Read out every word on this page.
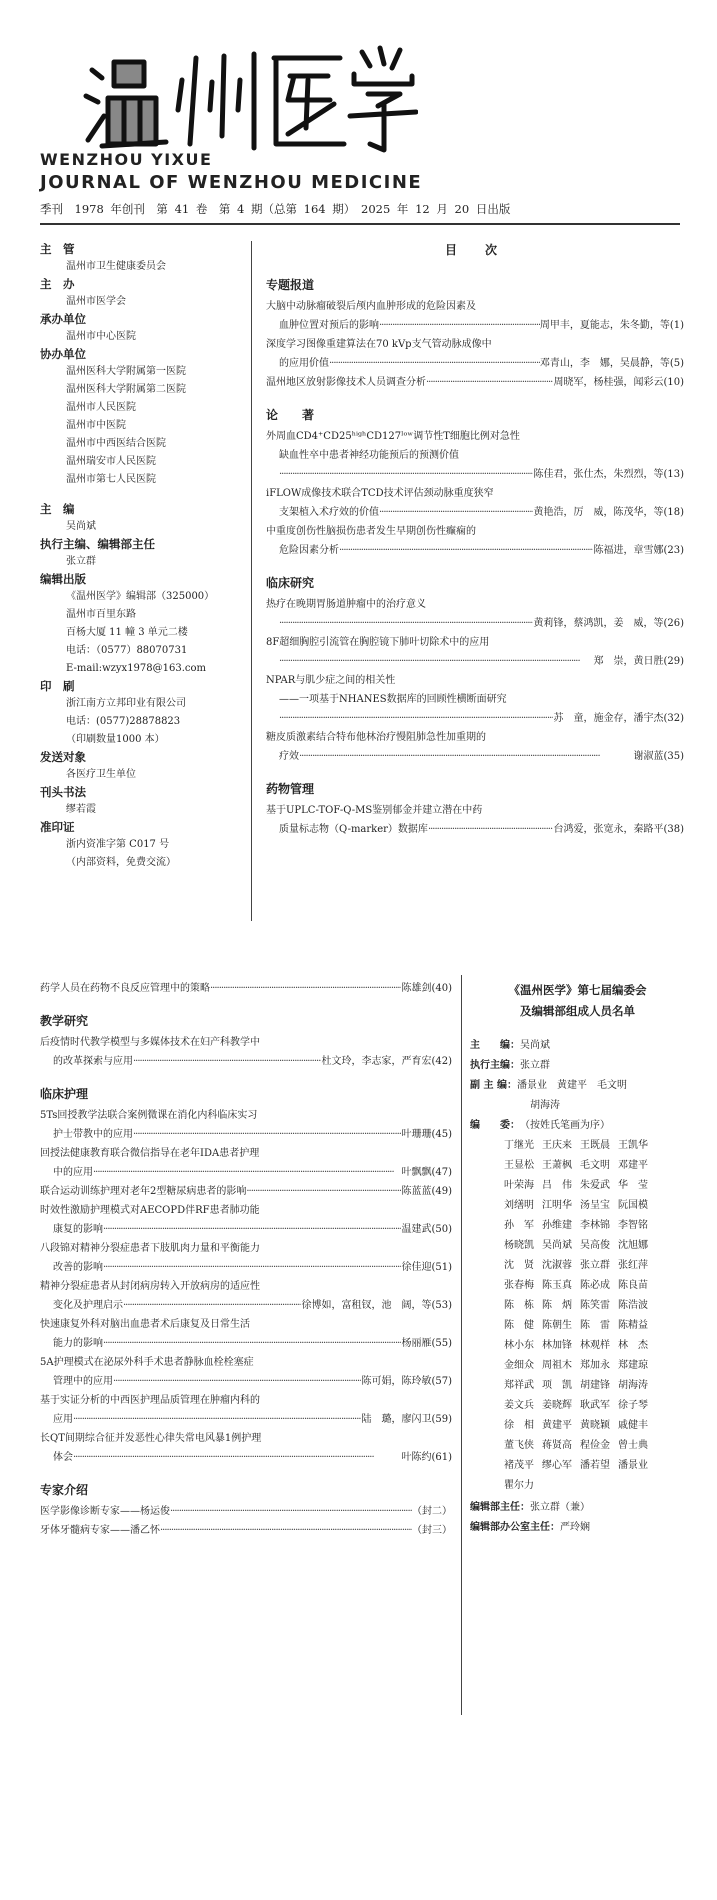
WENZHOU YIXUE
JOURNAL OF WENZHOU MEDICINE
季刊　1978 年创刊　第 41 卷　第 4 期（总第 164 期）　2025 年 12 月 20 日出版
主　管
温州市卫生健康委员会
主　办
温州市医学会
承办单位
温州市中心医院
协办单位
温州医科大学附属第一医院
温州医科大学附属第二医院
温州市人民医院
温州市中医院
温州市中西医结合医院
温州瑞安市人民医院
温州市第七人民医院
主　编
吴尚斌
执行主编、编辑部主任
张立群
编辑出版
《温州医学》编辑部（325000）
温州市百里东路
百杨大厦 11 幢 3 单元二楼
电话：（0577）88070731
E-mail:wzyx1978@163.com
印　刷
浙江南方立邦印业有限公司
电话：(0577)28878823
（印刷数量1000 本）
发送对象
各医疗卫生单位
刊头书法
缪若霞
准印证
浙内资准字第 C017 号
（内部资料，免费交流）
目　次
专题报道
大脑中动脉瘤破裂后颅内血肿形成的危险因素及
血肿位置对预后的影响 ·····	周甲丰，夏能志，朱冬勤，等(1)
深度学习图像重建算法在70 kVp支气管动脉成像中
的应用价值 ·····	邓青山，李　娜，吴晨静，等(5)
温州地区放射影像技术人员调查分析 ·····	周晓军，杨桂强，闻彩云(10)
论　　著
外周血CD4⁺CD25ʰⁱᵍʰCD127ˡᵒʷ调节性T细胞比例对急性
缺血性卒中患者神经功能预后的预测价值
·····
陈佳君，张仕杰，朱烈烈，等(13)
iFLOW成像技术联合TCD技术评估颈动脉重度狭窄
支架植入术疗效的价值 ·····	黄艳浩，厉　威，陈茂华，等(18)
中重度创伤性脑损伤患者发生早期创伤性癫痫的
危险因素分析 ·····	陈福进，章雪娜(23)
临床研究
热疗在晚期胃肠道肿瘤中的治疗意义
·····
黄莉锋，蔡鸿凯，姜　威，等(26)
8F超细胸腔引流管在胸腔镜下肺叶切除术中的应用
·····
郑　崇，黄日胜(29)
NPAR与肌少症之间的相关性
——一项基于NHANES数据库的回顾性横断面研究
·····
苏　童，施金存，潘宇杰(32)
糖皮质激素结合特布他林治疗慢阻肺急性加重期的
疗效 ·····	谢淑蓝(35)
药物管理
基于UPLC-TOF-Q-MS鉴别郁金并建立潜在中药
质量标志物（Q-marker）数据库 ·····	台鸿爱，张宽永，秦路平(38)
药学人员在药物不良反应管理中的策略 ·····	陈雄剑(40)
教学研究
后疫情时代教学模型与多媒体技术在妇产科教学中
的改革探索与应用 ·····	杜文玲，李志家，严育宏(42)
临床护理
5Ts回授教学法联合案例微课在消化内科临床实习
护士带教中的应用 ·····	叶珊珊(45)
回授法健康教育联合微信指导在老年IDA患者护理
中的应用 ·····	叶飘飘(47)
联合运动训练护理对老年2型糖尿病患者的影响 ·····	陈蓝蓝(49)
时效性激励护理模式对AECOPD伴RF患者肺功能
康复的影响 ·····	温建武(50)
八段锦对精神分裂症患者下肢肌肉力量和平衡能力
改善的影响 ·····	徐佳迎(51)
精神分裂症患者从封闭病房转入开放病房的适应性
变化及护理启示 ·····	徐博如，富租钗，池　阔，等(53)
快速康复外科对脑出血患者术后康复及日常生活
能力的影响 ·····	杨丽雁(55)
5A护理模式在泌尿外科手术患者静脉血栓栓塞症
管理中的应用 ·····	陈可娟，陈玲敏(57)
基于实证分析的中西医护理品质管理在肿瘤内科的
应用 ·····	陆　璐，廖闪卫(59)
长QT间期综合征并发恶性心律失常电风暴1例护理
体会 ·····	叶陈约(61)
专家介绍
医学影像诊断专家——杨运俊 ·····	（封二）
牙体牙髓病专家——潘乙怀 ·····	（封三）
《温州医学》第七届编委会
及编辑部组成人员名单
主　　编： 吴尚斌
执行主编： 张立群
副 主 编： 潘景业　黄建平　毛文明
胡海涛
编　　委： （按姓氏笔画为序）
丁继光 王庆来 王既晨 王凯华
王显松 王萧枫 毛文明 邓建平
叶荣海 吕　伟 朱爱武 华　莹
刘缮明 江明华 汤呈宝 阮国模
孙　军 孙维建 李林锦 李智铭
杨晓凯 吴尚斌 吴高俊 沈旭娜
沈　贤 沈淑蓉 张立群 张红萍
张春梅 陈玉真 陈必成 陈良苗
陈　栋 陈　炳 陈笑雷 陈浩波
陈　健 陈朝生 陈　雷 陈精益
林小东 林加锋 林观样 林　杰
金细众 周祖木 郑加永 郑建琼
郑祥武 项　凯 胡建锋 胡海涛
姜文兵 姜晓辉 耿武军 徐子琴
徐　相 黄建平 黄晓颖 戚健丰
董飞侠 蒋贤高 程俭金 曾士典
褚茂平 缪心军 潘若望 潘景业
瞿尔力
编辑部主任： 张立群（兼）
编辑部办公室主任： 严玲娴
